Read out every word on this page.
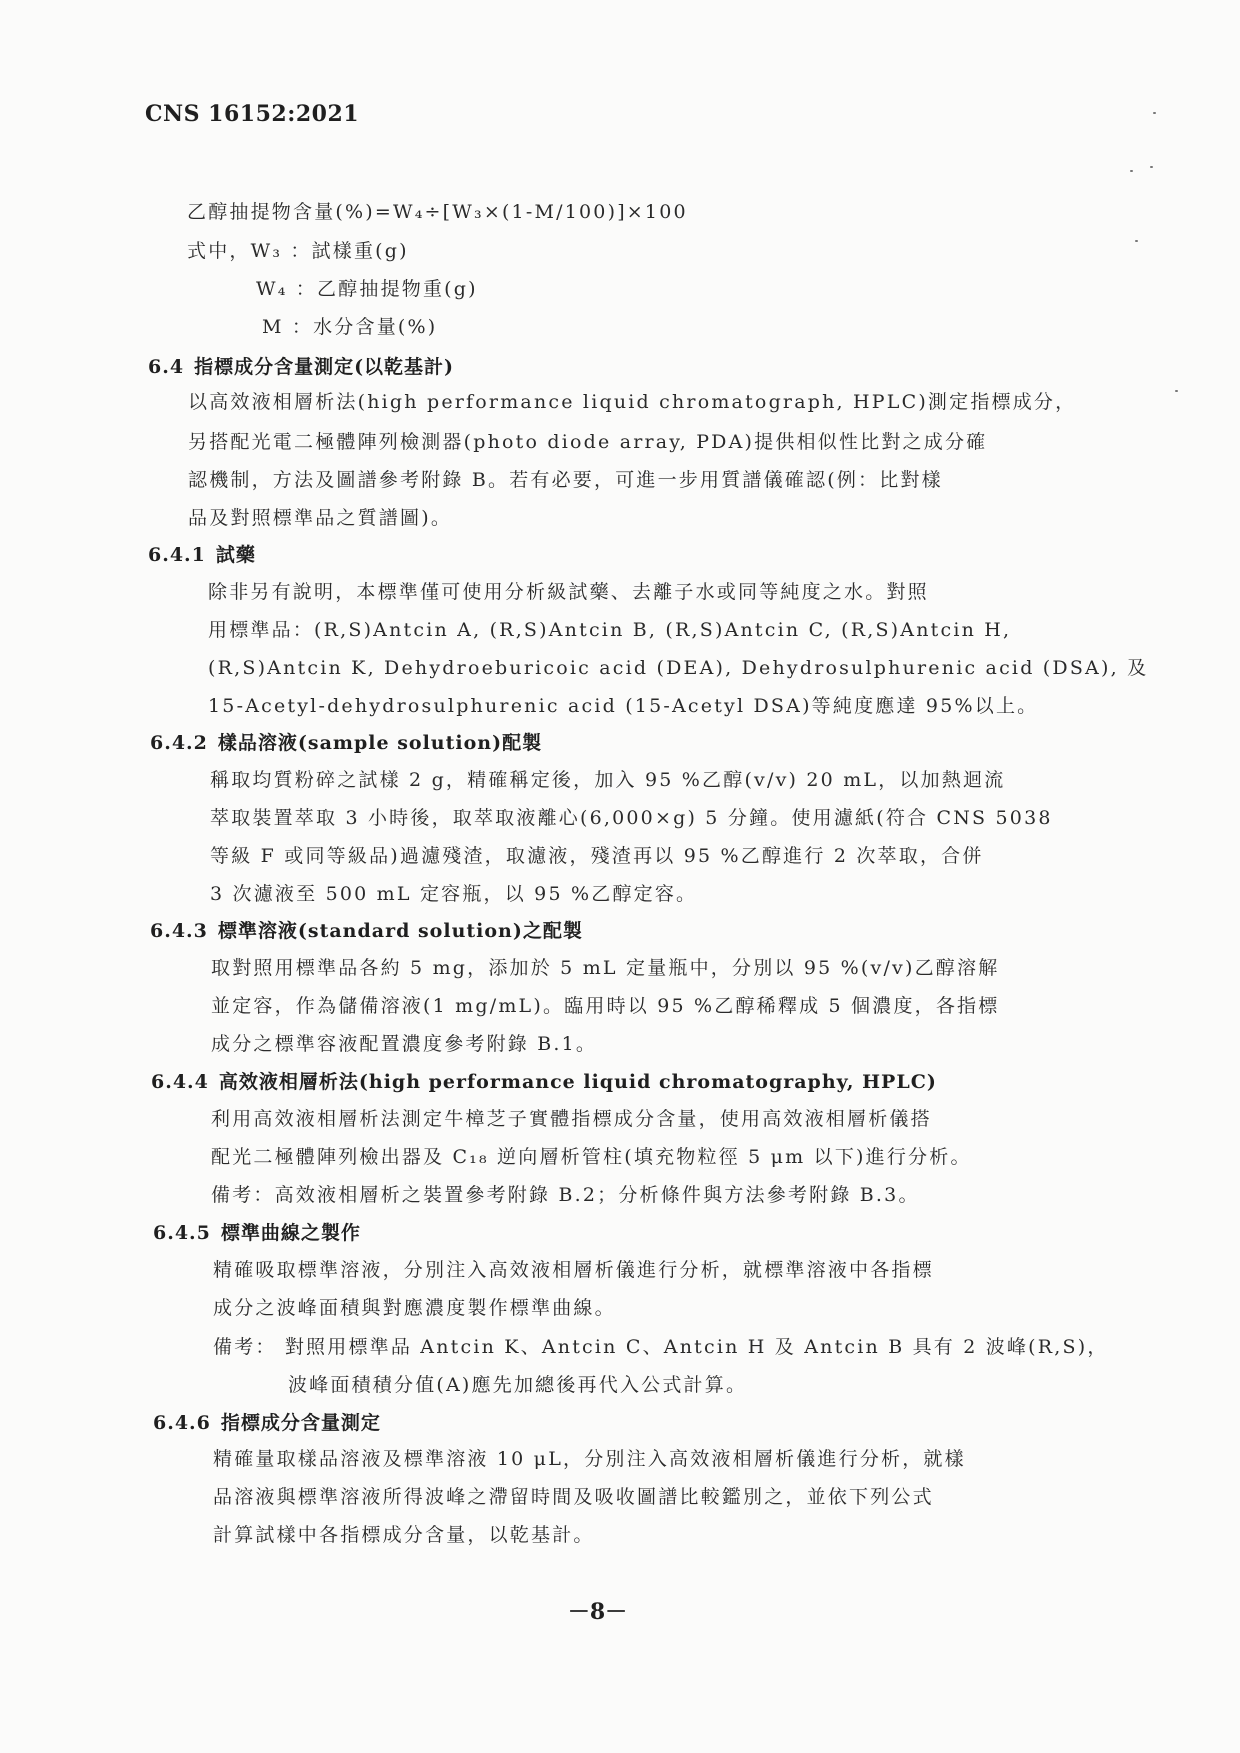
CNS 16152:2021
乙醇抽提物含量(%)=W₄÷[W₃×(1-M/100)]×100
式中，W₃ ：試樣重(g)
W₄ ：乙醇抽提物重(g)
M ：水分含量(%)
6.4 指標成分含量測定(以乾基計)
以高效液相層析法(high performance liquid chromatograph, HPLC)測定指標成分，
另搭配光電二極體陣列檢測器(photo diode array, PDA)提供相似性比對之成分確
認機制，方法及圖譜參考附錄 B。若有必要，可進一步用質譜儀確認(例：比對樣
品及對照標準品之質譜圖)。
6.4.1 試藥
除非另有說明，本標準僅可使用分析級試藥、去離子水或同等純度之水。對照
用標準品：(R,S)Antcin A, (R,S)Antcin B, (R,S)Antcin C, (R,S)Antcin H,
(R,S)Antcin K, Dehydroeburicoic acid (DEA), Dehydrosulphurenic acid (DSA), 及
15-Acetyl-dehydrosulphurenic acid (15-Acetyl DSA)等純度應達 95%以上。
6.4.2 樣品溶液(sample solution)配製
稱取均質粉碎之試樣 2 g，精確稱定後，加入 95 %乙醇(v/v) 20 mL，以加熱迴流
萃取裝置萃取 3 小時後，取萃取液離心(6,000×g) 5 分鐘。使用濾紙(符合 CNS 5038
等級 F 或同等級品)過濾殘渣，取濾液，殘渣再以 95 %乙醇進行 2 次萃取，合併
3 次濾液至 500 mL 定容瓶，以 95 %乙醇定容。
6.4.3 標準溶液(standard solution)之配製
取對照用標準品各約 5 mg，添加於 5 mL 定量瓶中，分別以 95 %(v/v)乙醇溶解
並定容，作為儲備溶液(1 mg/mL)。臨用時以 95 %乙醇稀釋成 5 個濃度，各指標
成分之標準容液配置濃度參考附錄 B.1。
6.4.4 高效液相層析法(high performance liquid chromatography, HPLC)
利用高效液相層析法測定牛樟芝子實體指標成分含量，使用高效液相層析儀搭
配光二極體陣列檢出器及 C₁₈ 逆向層析管柱(填充物粒徑 5 μm 以下)進行分析。
備考：高效液相層析之裝置參考附錄 B.2；分析條件與方法參考附錄 B.3。
6.4.5 標準曲線之製作
精確吸取標準溶液，分別注入高效液相層析儀進行分析，就標準溶液中各指標
成分之波峰面積與對應濃度製作標準曲線。
備考： 對照用標準品 Antcin K、Antcin C、Antcin H 及 Antcin B 具有 2 波峰(R,S)，
波峰面積積分值(A)應先加總後再代入公式計算。
6.4.6 指標成分含量測定
精確量取樣品溶液及標準溶液 10 μL，分別注入高效液相層析儀進行分析，就樣
品溶液與標準溶液所得波峰之滯留時間及吸收圖譜比較鑑別之，並依下列公式
計算試樣中各指標成分含量，以乾基計。
－8－
